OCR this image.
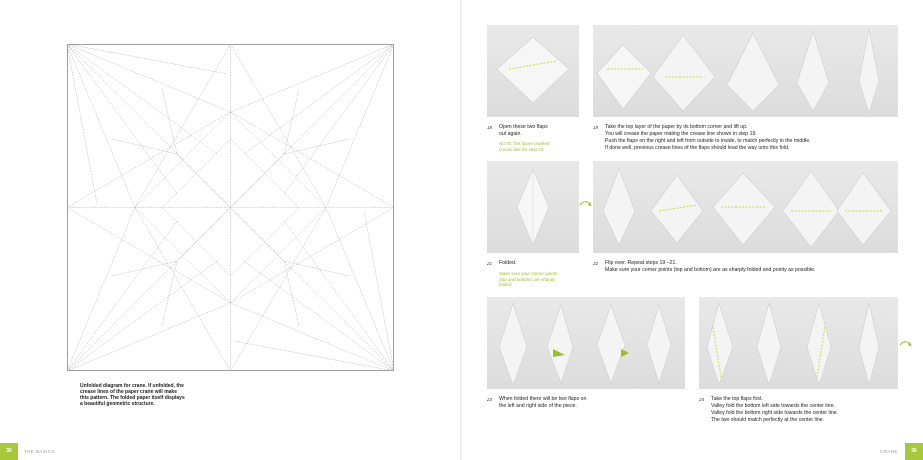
Unfolded diagram for crane. If unfolded, the
crease lines of the paper crane will make
this pattern. The folded paper itself displays
a beautiful geometric structure.
35	THE BASICS
18 Open these two flaps
out again.
NOTE: the future marked
crease line for step 20.
19 Take the top layer of the paper by its bottom corner and lift up.
You will crease the paper mating the crease line shown in step 19.
Push the flaps on the right and left from outside to inside, to match perfectly in the middle.
If done well, previous crease lines of the flaps should lead the way unto this fold.
21 Folded.
Make sure your corner points
(top and bottom) are sharply
folded.
22 Flip over. Repeat steps 19 –21.
Make sure your corner points (top and bottom) are as sharply folded and pointy as possible.
23 When folded there will be two flaps on
the left and right side of the piece.
24 Take the top flaps first.
Valley fold the bottom left side towards the center line.
Valley fold the bottom right side towards the center line.
The two should match perfectly at the center line.
CRANE	36
